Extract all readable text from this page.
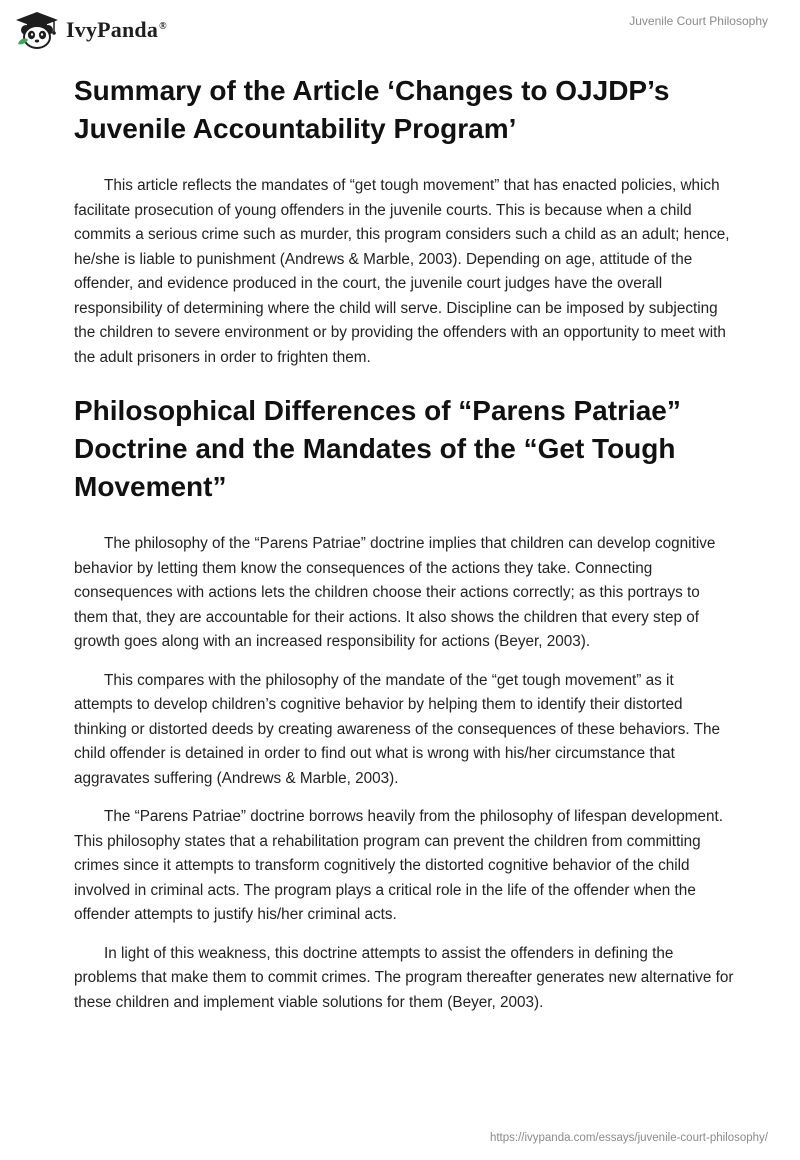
IvyPanda®	Juvenile Court Philosophy
Summary of the Article ‘Changes to OJJDP’s Juvenile Accountability Program’

This article reflects the mandates of “get tough movement” that has enacted policies, which facilitate prosecution of young offenders in the juvenile courts. This is because when a child commits a serious crime such as murder, this program considers such a child as an adult; hence, he/she is liable to punishment (Andrews & Marble, 2003). Depending on age, attitude of the offender, and evidence produced in the court, the juvenile court judges have the overall responsibility of determining where the child will serve. Discipline can be imposed by subjecting the children to severe environment or by providing the offenders with an opportunity to meet with the adult prisoners in order to frighten them.

Philosophical Differences of “Parens Patriae” Doctrine and the Mandates of the “Get Tough Movement”

The philosophy of the “Parens Patriae” doctrine implies that children can develop cognitive behavior by letting them know the consequences of the actions they take. Connecting consequences with actions lets the children choose their actions correctly; as this portrays to them that, they are accountable for their actions. It also shows the children that every step of growth goes along with an increased responsibility for actions (Beyer, 2003).

This compares with the philosophy of the mandate of the “get tough movement” as it attempts to develop children’s cognitive behavior by helping them to identify their distorted thinking or distorted deeds by creating awareness of the consequences of these behaviors. The child offender is detained in order to find out what is wrong with his/her circumstance that aggravates suffering (Andrews & Marble, 2003).

The “Parens Patriae” doctrine borrows heavily from the philosophy of lifespan development. This philosophy states that a rehabilitation program can prevent the children from committing crimes since it attempts to transform cognitively the distorted cognitive behavior of the child involved in criminal acts. The program plays a critical role in the life of the offender when the offender attempts to justify his/her criminal acts.

In light of this weakness, this doctrine attempts to assist the offenders in defining the problems that make them to commit crimes. The program thereafter generates new alternative for these children and implement viable solutions for them (Beyer, 2003).

https://ivypanda.com/essays/juvenile-court-philosophy/
